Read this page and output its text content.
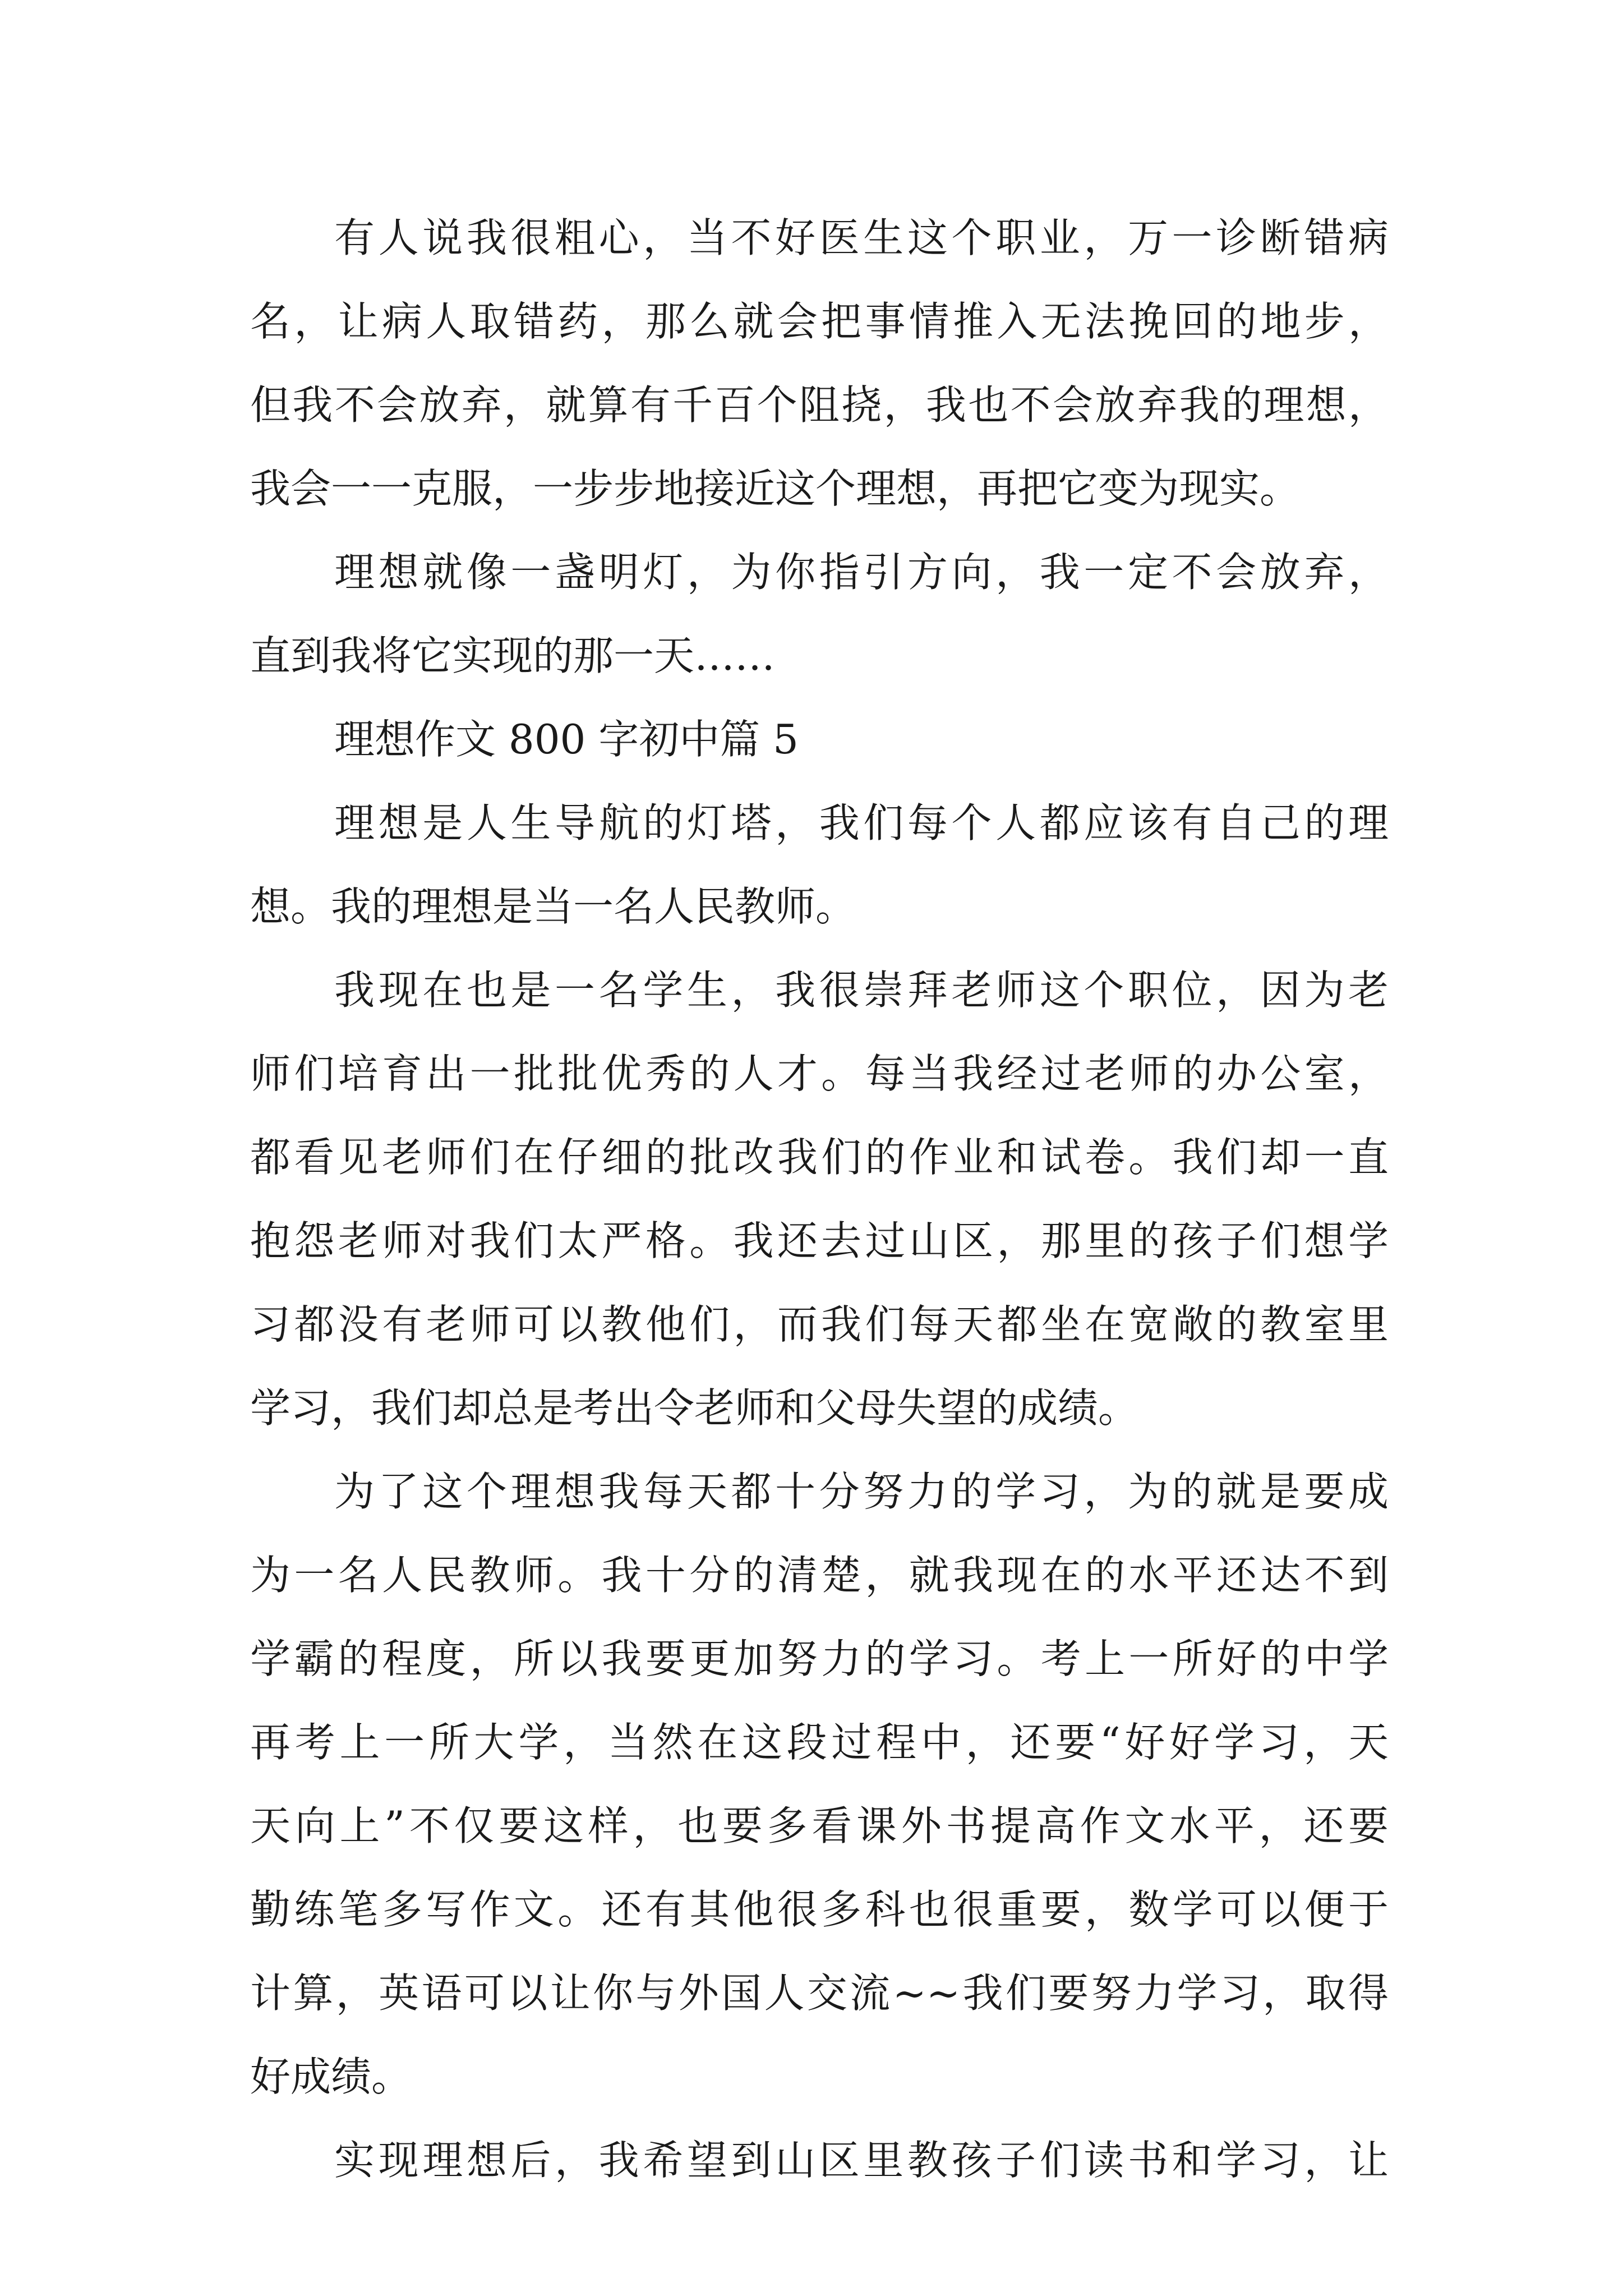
有人说我很粗心，当不好医生这个职业，万一诊断错病

名，让病人取错药，那么就会把事情推入无法挽回的地步，

但我不会放弃，就算有千百个阻挠，我也不会放弃我的理想，

我会一一克服，一步步地接近这个理想，再把它变为现实。

理想就像一盏明灯，为你指引方向，我一定不会放弃，

直到我将它实现的那一天……

理想作文 800 字初中篇 5

理想是人生导航的灯塔，我们每个人都应该有自己的理

想。我的理想是当一名人民教师。

我现在也是一名学生，我很崇拜老师这个职位，因为老

师们培育出一批批优秀的人才。每当我经过老师的办公室，

都看见老师们在仔细的批改我们的作业和试卷。我们却一直

抱怨老师对我们太严格。我还去过山区，那里的孩子们想学

习都没有老师可以教他们，而我们每天都坐在宽敞的教室里

学习，我们却总是考出令老师和父母失望的成绩。

为了这个理想我每天都十分努力的学习，为的就是要成

为一名人民教师。我十分的清楚，就我现在的水平还达不到

学霸的程度，所以我要更加努力的学习。考上一所好的中学

再考上一所大学，当然在这段过程中，还要“好好学习，天

天向上”不仅要这样，也要多看课外书提高作文水平，还要

勤练笔多写作文。还有其他很多科也很重要，数学可以便于

计算，英语可以让你与外国人交流~~我们要努力学习，取得

好成绩。

实现理想后，我希望到山区里教孩子们读书和学习，让
